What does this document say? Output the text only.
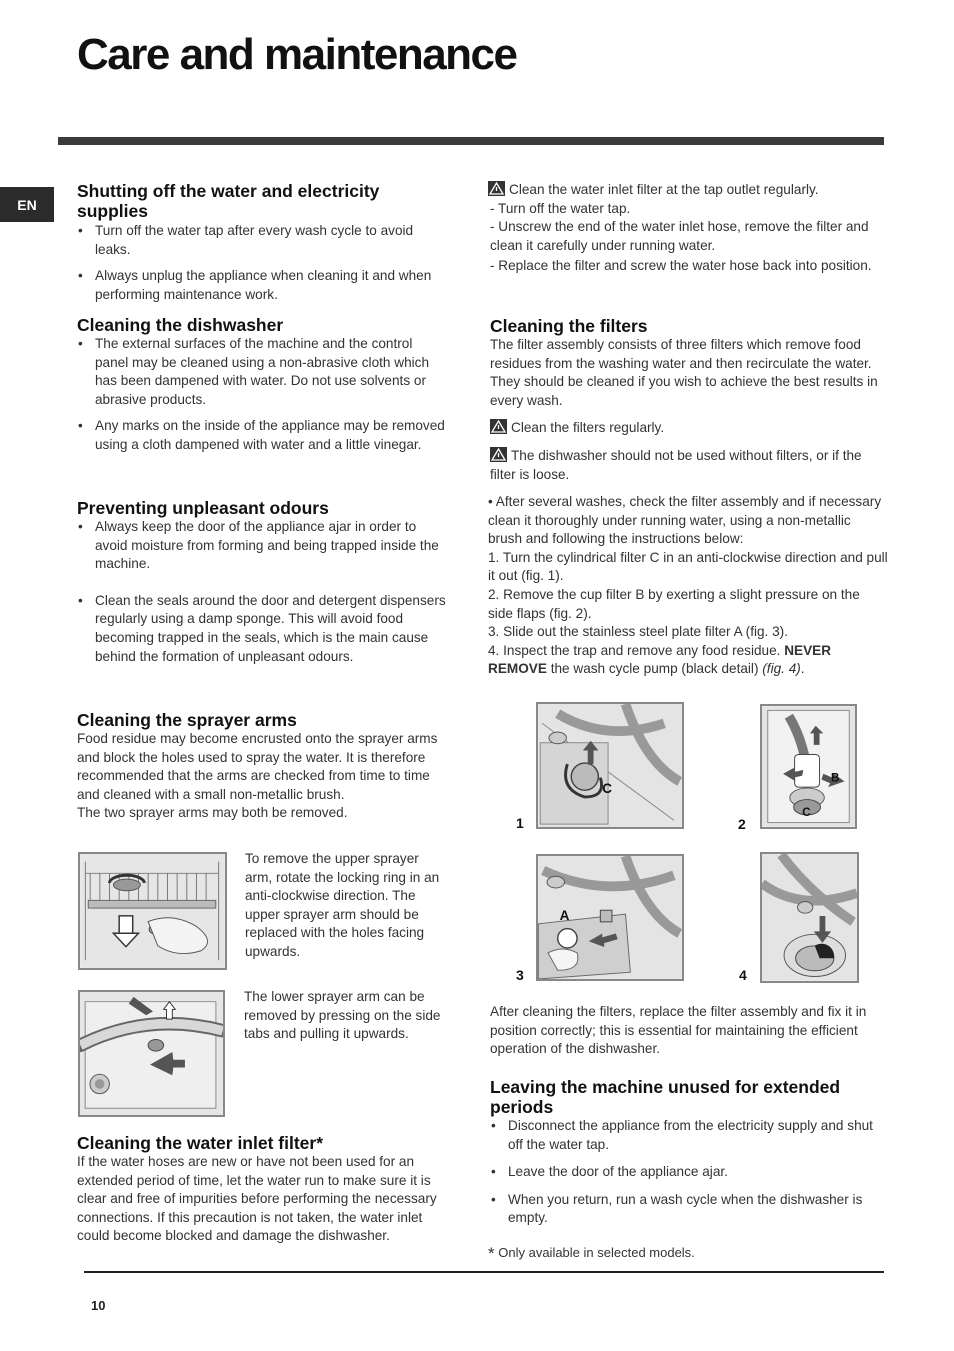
Care and maintenance
EN
Shutting off the water and electricity supplies
• Turn off the water tap after every wash cycle to avoid leaks.
• Always unplug the appliance when cleaning it and when performing maintenance work.
Cleaning the dishwasher
• The external surfaces of the machine and the control panel may be cleaned using a non-abrasive cloth which has been dampened with water. Do not use solvents or abrasive products.
• Any marks on the inside of the appliance may be removed using a cloth dampened with water and a little vinegar.
Preventing unpleasant odours
• Always keep the door of the appliance ajar in order to avoid moisture from forming and being trapped inside the machine.
• Clean the seals around the door and detergent dispensers regularly using a damp sponge. This will avoid food becoming trapped in the seals, which is the main cause behind the formation of unpleasant odours.
Cleaning the sprayer arms

Food residue may become encrusted onto the sprayer arms and block the holes used to spray the water. It is therefore recommended that the arms are checked from time to time and cleaned with a small non-metallic brush.

The two sprayer arms may both be removed.

To remove the upper sprayer arm, rotate the locking ring in an anti-clockwise direction. The upper sprayer arm should be replaced with the holes facing upwards.

The lower sprayer arm can be removed by pressing on the side tabs and pulling it upwards.

Cleaning the water inlet filter*

If the water hoses are new or have not been used for an extended period of time, let the water run to make sure it is clear and free of impurities before performing the necessary connections. If this precaution is not taken, the water inlet could become blocked and damage the dishwasher.

Clean the water inlet filter at the tap outlet regularly.

- Turn off the water tap.

- Unscrew the end of the water inlet hose, remove the filter and clean it carefully under running water.

- Replace the filter and screw the water hose back into position.

Cleaning the filters

The filter assembly consists of three filters which remove food residues from the washing water and then recirculate the water. They should be cleaned if you wish to achieve the best results in every wash.

Clean the filters regularly.

The dishwasher should not be used without filters, or if the filter is loose.

• After several washes, check the filter assembly and if necessary clean it thoroughly under running water, using a non-metallic brush and following the instructions below:

1. Turn the cylindrical filter C in an anti-clockwise direction and pull it out (fig. 1).

2. Remove the cup filter B by exerting a slight pressure on the side flaps (fig. 2).

3. Slide out the stainless steel plate filter A (fig. 3).

4. Inspect the trap and remove any food residue. NEVER REMOVE the wash cycle pump (black detail) (fig. 4).

C
1
B
C
2
A
3	4

After cleaning the filters, replace the filter assembly and fix it in position correctly; this is essential for maintaining the efficient operation of the dishwasher.

Leaving the machine unused for extended periods
• Disconnect the appliance from the electricity supply and shut off the water tap.
• Leave the door of the appliance ajar.
• When you return, run a wash cycle when the dishwasher is empty.
* Only available in selected models.
10
